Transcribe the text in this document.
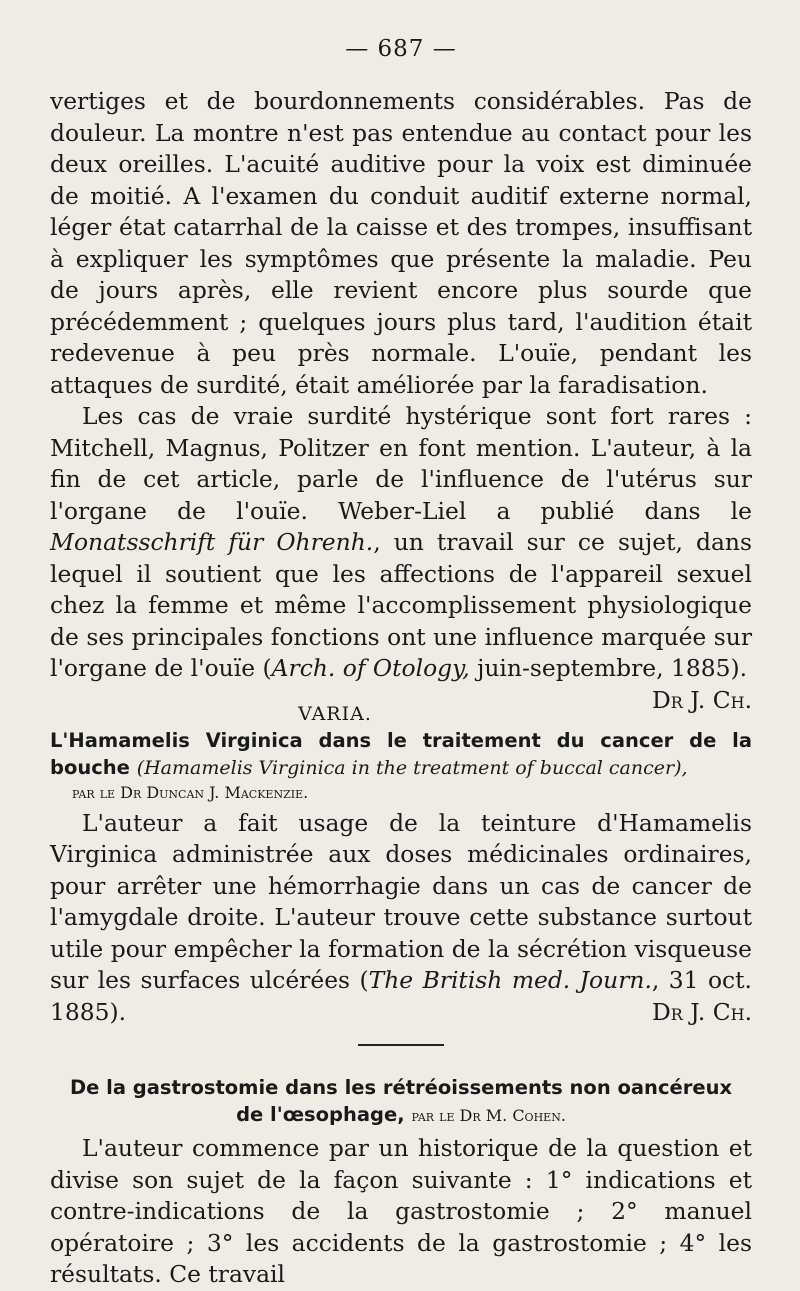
— 687 —

vertiges et de bourdonnements considérables. Pas de douleur. La montre n'est pas entendue au contact pour les deux oreilles. L'acuité auditive pour la voix est diminuée de moitié. A l'examen du conduit auditif externe normal, léger état catarrhal de la caisse et des trompes, insuffisant à expliquer les symptômes que présente la maladie. Peu de jours après, elle revient encore plus sourde que précédemment ; quelques jours plus tard, l'audition était redevenue à peu près normale. L'ouïe, pendant les attaques de surdité, était améliorée par la faradisation.

Les cas de vraie surdité hystérique sont fort rares : Mitchell, Magnus, Politzer en font mention. L'auteur, à la fin de cet article, parle de l'influence de l'utérus sur l'organe de l'ouïe. Weber-Liel a publié dans le Monatsschrift für Ohrenh., un travail sur ce sujet, dans lequel il soutient que les affections de l'appareil sexuel chez la femme et même l'accomplissement physiologique de ses principales fonctions ont une influence marquée sur l'organe de l'ouïe (Arch. of Otology, juin-septembre, 1885).
Dr J. Ch.

VARIA.
L'Hamamelis Virginica dans le traitement du cancer de la bouche (Hamamelis Virginica in the treatment of buccal cancer),
par le Dr Duncan J. Mackenzie.

L'auteur a fait usage de la teinture d'Hamamelis Virginica administrée aux doses médicinales ordinaires, pour arrêter une hémorrhagie dans un cas de cancer de l'amygdale droite. L'auteur trouve cette substance surtout utile pour empêcher la formation de la sécrétion visqueuse sur les surfaces ulcérées (The British med. Journ., 31 oct. 1885).	Dr J. Ch.

De la gastrostomie dans les rétréoissements non oancéreux
de l'œsophage, par le Dr M. Cohen.

L'auteur commence par un historique de la question et divise son sujet de la façon suivante : 1° indications et contre-indications de la gastrostomie ; 2° manuel opératoire ; 3° les accidents de la gastrostomie ; 4° les résultats. Ce travail
